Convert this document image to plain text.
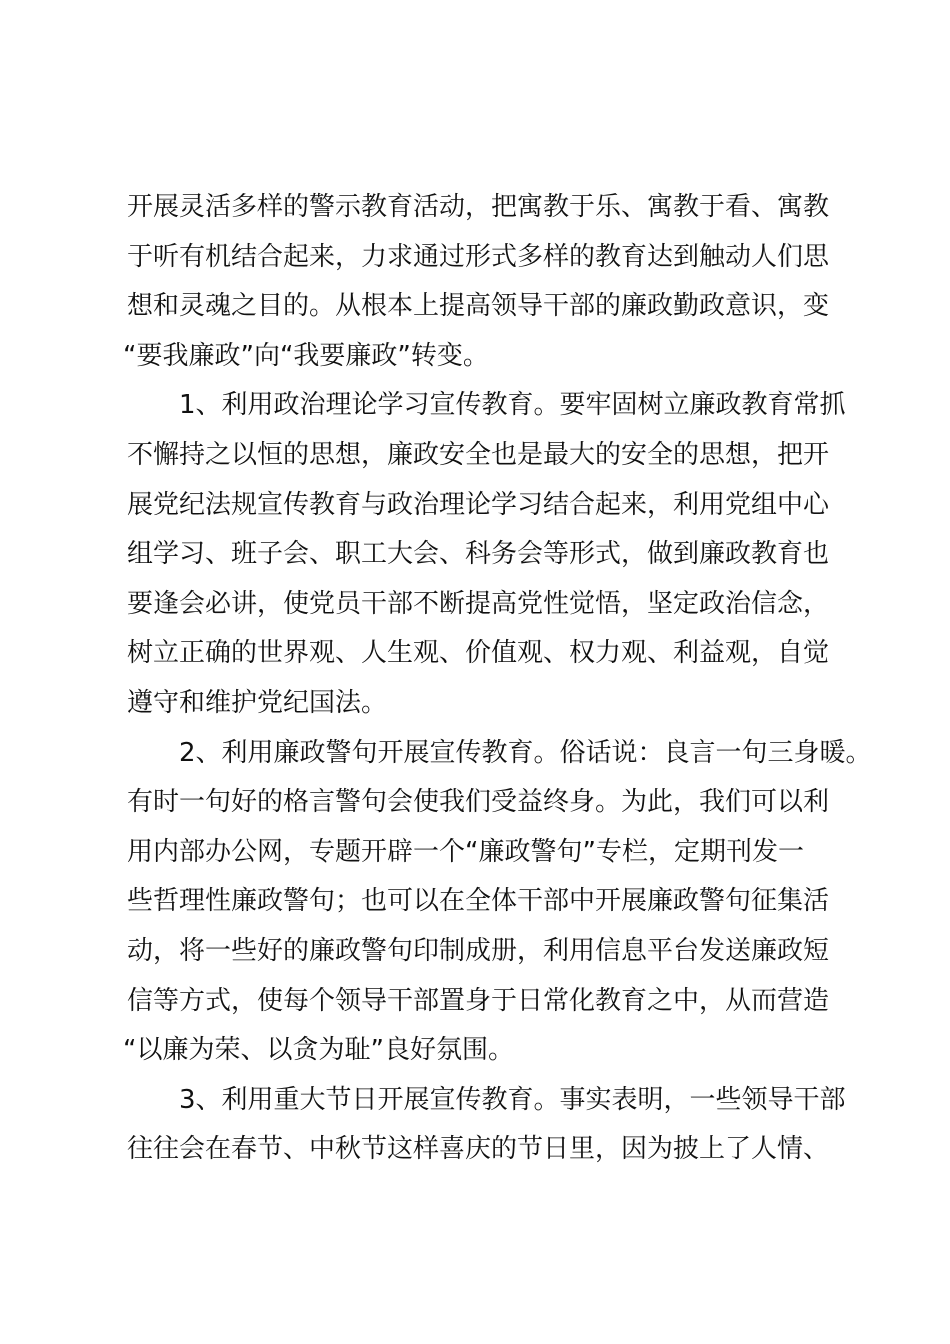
开展灵活多样的警示教育活动，把寓教于乐、寓教于看、寓教
于听有机结合起来，力求通过形式多样的教育达到触动人们思
想和灵魂之目的。从根本上提高领导干部的廉政勤政意识，变
“要我廉政”向“我要廉政”转变。
1、利用政治理论学习宣传教育。要牢固树立廉政教育常抓
不懈持之以恒的思想，廉政安全也是最大的安全的思想，把开
展党纪法规宣传教育与政治理论学习结合起来，利用党组中心
组学习、班子会、职工大会、科务会等形式，做到廉政教育也
要逢会必讲，使党员干部不断提高党性觉悟，坚定政治信念，
树立正确的世界观、人生观、价值观、权力观、利益观，自觉
遵守和维护党纪国法。
2、利用廉政警句开展宣传教育。俗话说：良言一句三身暖。
有时一句好的格言警句会使我们受益终身。为此，我们可以利
用内部办公网，专题开辟一个“廉政警句”专栏，定期刊发一
些哲理性廉政警句；也可以在全体干部中开展廉政警句征集活
动，将一些好的廉政警句印制成册，利用信息平台发送廉政短
信等方式，使每个领导干部置身于日常化教育之中，从而营造
“以廉为荣、以贪为耻”良好氛围。
3、利用重大节日开展宣传教育。事实表明，一些领导干部
往往会在春节、中秋节这样喜庆的节日里，因为披上了人情、
